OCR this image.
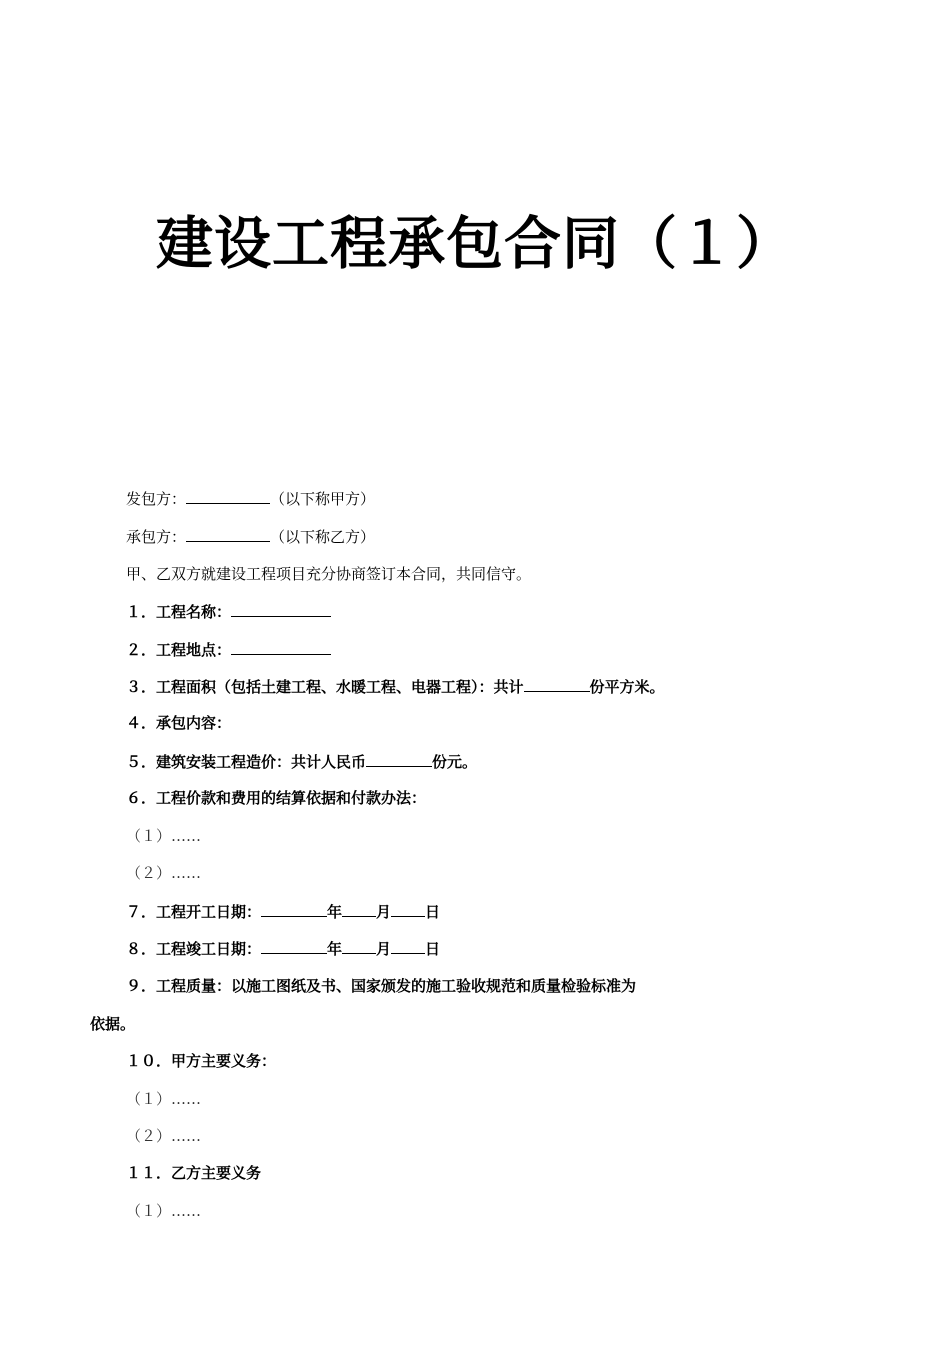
建设工程承包合同（１）
发包方：	（以下称甲方）
承包方：	（以下称乙方）
甲、乙双方就建设工程项目充分协商签订本合同，共同信守。
１．工程名称：
２．工程地点：
３．工程面积（包括土建工程、水暖工程、电器工程）：共计	份平方米。
４．承包内容：
５．建筑安装工程造价：共计人民币	份元。
６．工程价款和费用的结算依据和付款办法：
（１）……
（２）……
７．工程开工日期：	年 月 日
８．工程竣工日期：	年 月 日
９．工程质量：以施工图纸及书、国家颁发的施工验收规范和质量检验标准为
依据。
１０．甲方主要义务：
（１）……
（２）……
１１．乙方主要义务
（１）……
